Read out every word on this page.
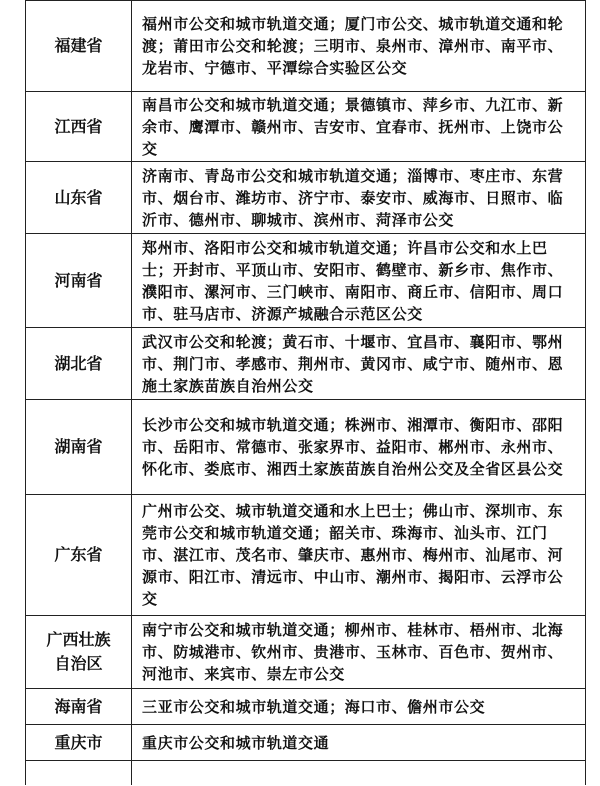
福建省	福州市公交和城市轨道交通；厦门市公交、城市轨道交通和轮渡；莆田市公交和轮渡；三明市、泉州市、漳州市、南平市、龙岩市、宁德市、平潭综合实验区公交
江西省	南昌市公交和城市轨道交通；景德镇市、萍乡市、九江市、新余市、鹰潭市、赣州市、吉安市、宜春市、抚州市、上饶市公交
山东省	济南市、青岛市公交和城市轨道交通；淄博市、枣庄市、东营市、烟台市、潍坊市、济宁市、泰安市、威海市、日照市、临沂市、德州市、聊城市、滨州市、菏泽市公交
河南省	郑州市、洛阳市公交和城市轨道交通；许昌市公交和水上巴士；开封市、平顶山市、安阳市、鹤壁市、新乡市、焦作市、濮阳市、漯河市、三门峡市、南阳市、商丘市、信阳市、周口市、驻马店市、济源产城融合示范区公交
湖北省	武汉市公交和轮渡；黄石市、十堰市、宜昌市、襄阳市、鄂州市、荆门市、孝感市、荆州市、黄冈市、咸宁市、随州市、恩施土家族苗族自治州公交
湖南省	长沙市公交和城市轨道交通；株洲市、湘潭市、衡阳市、邵阳市、岳阳市、常德市、张家界市、益阳市、郴州市、永州市、怀化市、娄底市、湘西土家族苗族自治州公交及全省区县公交
广东省	广州市公交、城市轨道交通和水上巴士；佛山市、深圳市、东莞市公交和城市轨道交通；韶关市、珠海市、汕头市、江门市、湛江市、茂名市、肇庆市、惠州市、梅州市、汕尾市、河源市、阳江市、清远市、中山市、潮州市、揭阳市、云浮市公交
广西壮族自治区	南宁市公交和城市轨道交通；柳州市、桂林市、梧州市、北海市、防城港市、钦州市、贵港市、玉林市、百色市、贺州市、河池市、来宾市、崇左市公交
海南省	三亚市公交和城市轨道交通；海口市、儋州市公交
重庆市	重庆市公交和城市轨道交通
